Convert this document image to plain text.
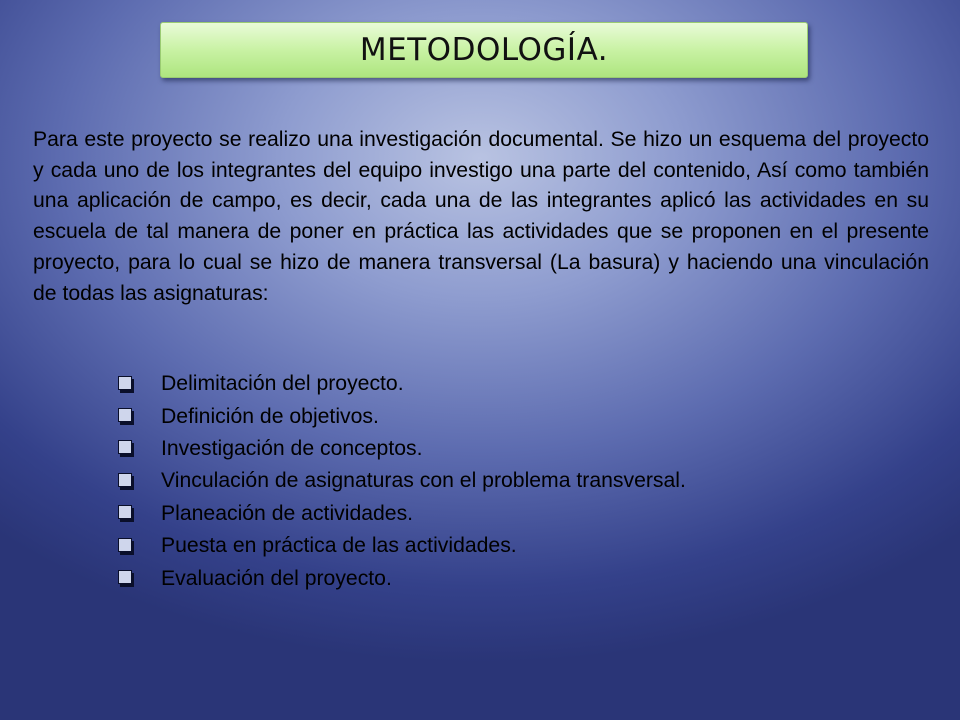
METODOLOGÍA.

Para este proyecto se realizo una investigación documental. Se hizo un esquema del proyecto y cada uno de los integrantes del equipo investigo una parte del contenido, Así como también una aplicación de campo, es decir, cada una de las integrantes aplicó las actividades en su escuela de tal manera de poner en práctica las actividades que se proponen en el presente proyecto, para lo cual se hizo de manera transversal (La basura) y haciendo una vinculación de todas las asignaturas:

Delimitación del proyecto.
Definición de objetivos.
Investigación de conceptos.
Vinculación de asignaturas con el problema transversal.
Planeación de actividades.
Puesta en práctica de las actividades.
Evaluación del proyecto.
